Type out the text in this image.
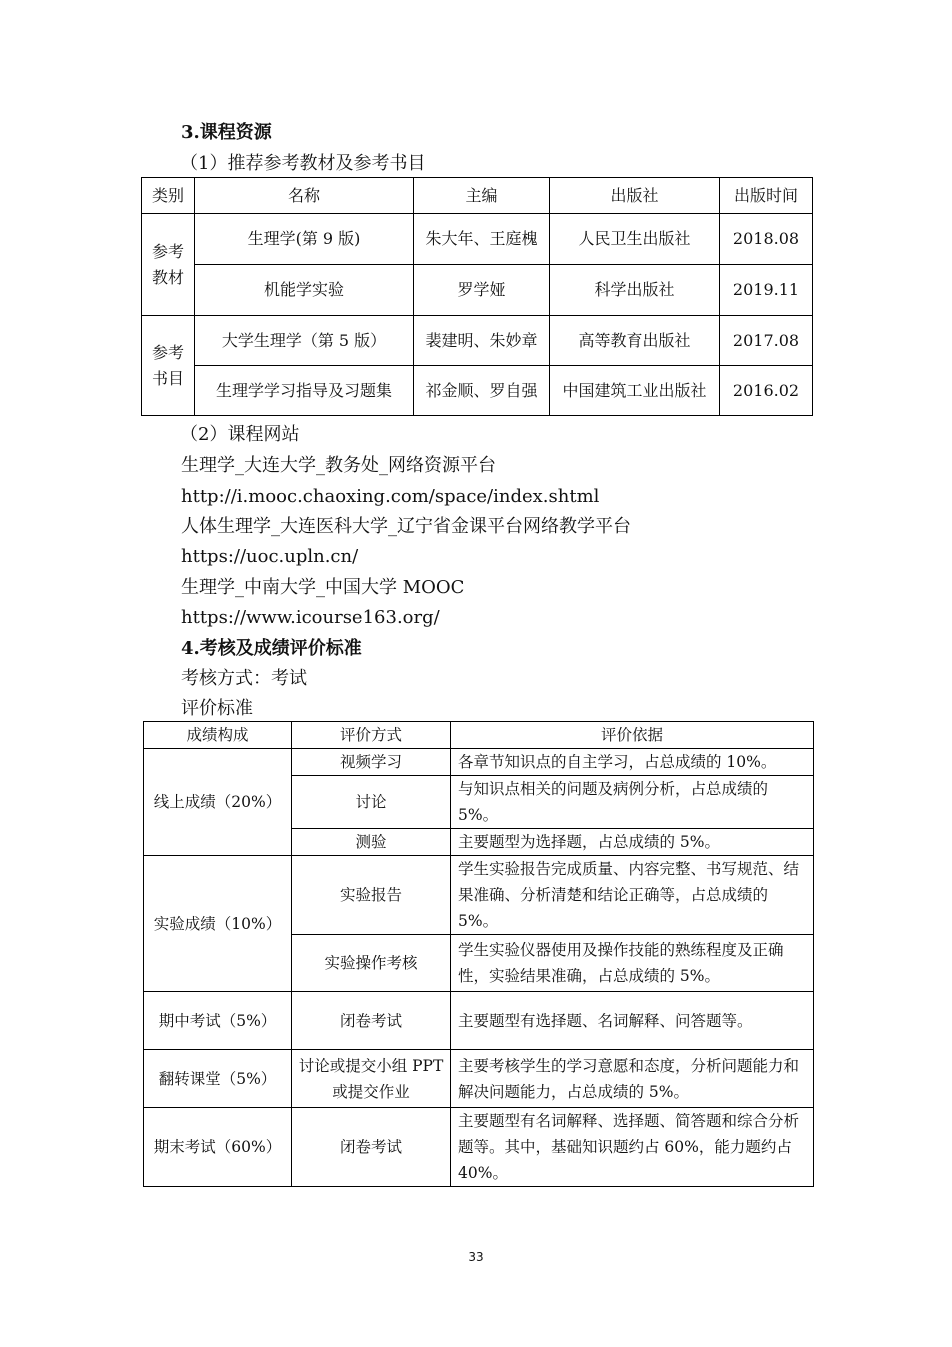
3.课程资源
（1）推荐参考教材及参考书目
类别	名称	主编	出版社	出版时间

参考
教材	生理学(第 9 版)	朱大年、王庭槐	人民卫生出版社	2018.08
	机能学实验	罗学娅	科学出版社	2019.11

参考
书目	大学生理学（第 5 版）	裴建明、朱妙章	高等教育出版社	2017.08
	生理学学习指导及习题集	祁金顺、罗自强	中国建筑工业出版社	2016.02
（2）课程网站
生理学_大连大学_教务处_网络资源平台
http://i.mooc.chaoxing.com/space/index.shtml
人体生理学_大连医科大学_辽宁省金课平台网络教学平台
https://uoc.upln.cn/
生理学_中南大学_中国大学 MOOC
https://www.icourse163.org/
4.考核及成绩评价标准
考核方式：考试
评价标准
成绩构成	评价方式	评价依据
线上成绩（20%）	视频学习	各章节知识点的自主学习，占总成绩的 10%。
	讨论	与知识点相关的问题及病例分析，占总成绩的 5%。
	测验	主要题型为选择题，占总成绩的 5%。
实验成绩（10%）	实验报告	学生实验报告完成质量、内容完整、书写规范、结果准确、分析清楚和结论正确等，占总成绩的 5%。
	实验操作考核	学生实验仪器使用及操作技能的熟练程度及正确性，实验结果准确，占总成绩的 5%。
期中考试（5%）	闭卷考试	主要题型有选择题、名词解释、问答题等。
翻转课堂（5%）	讨论或提交小组 PPT或提交作业	主要考核学生的学习意愿和态度，分析问题能力和解决问题能力，占总成绩的 5%。
期末考试（60%）	闭卷考试	主要题型有名词解释、选择题、简答题和综合分析题等。其中，基础知识题约占 60%，能力题约占 40%。
33
